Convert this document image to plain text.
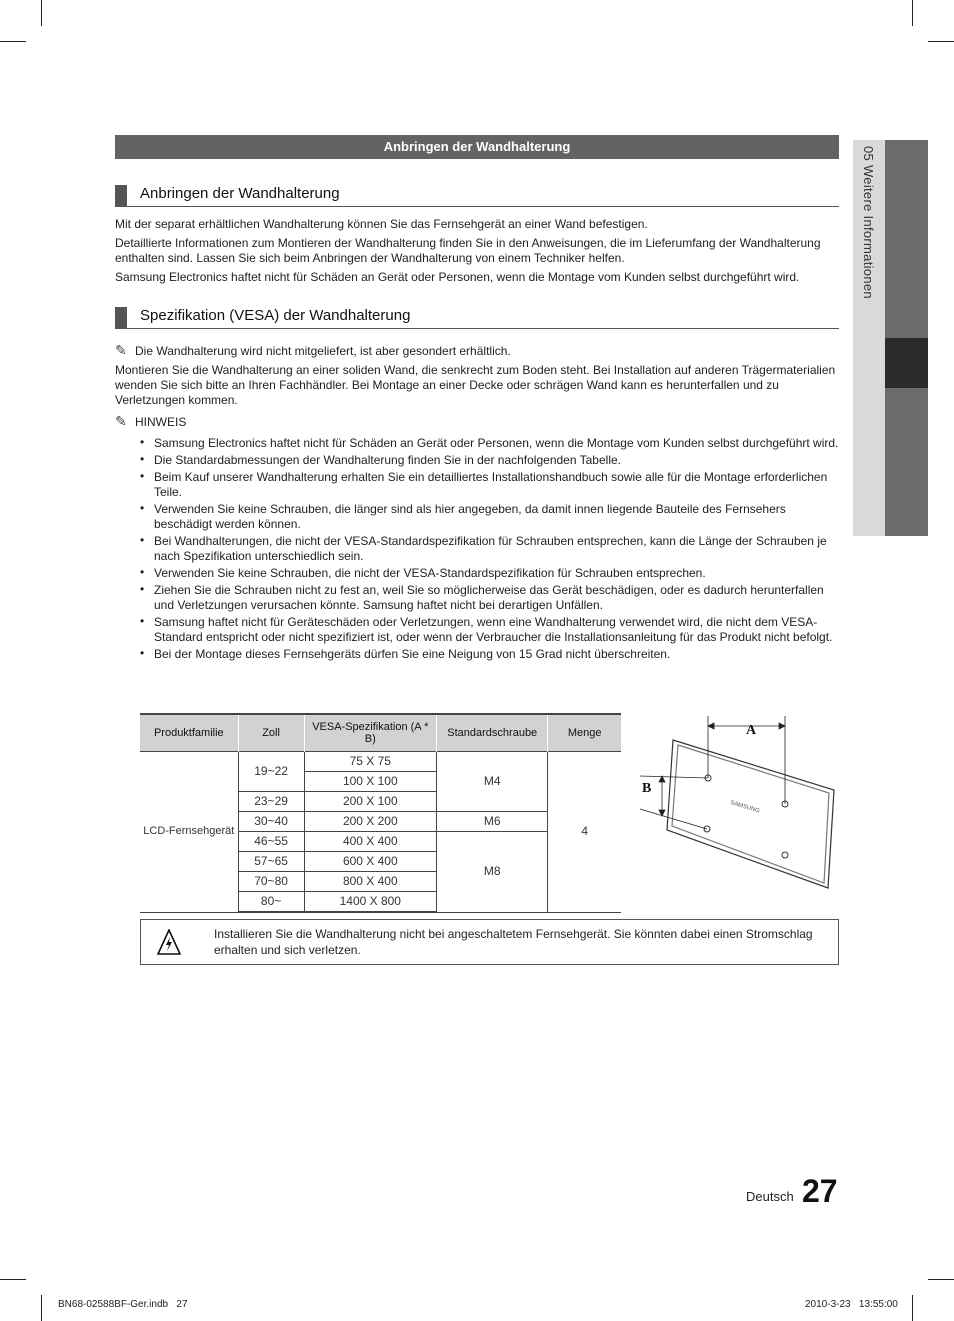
Anbringen der Wandhalterung
Anbringen der Wandhalterung

Mit der separat erhältlichen Wandhalterung können Sie das Fernsehgerät an einer Wand befestigen.

Detaillierte Informationen zum Montieren der Wandhalterung finden Sie in den Anweisungen, die im Lieferumfang der Wandhalterung enthalten sind. Lassen Sie sich beim Anbringen der Wandhalterung von einem Techniker helfen.

Samsung Electronics haftet nicht für Schäden an Gerät oder Personen, wenn die Montage vom Kunden selbst durchgeführt wird.

Spezifikation (VESA) der Wandhalterung

✎ Die Wandhalterung wird nicht mitgeliefert, ist aber gesondert erhältlich.

Montieren Sie die Wandhalterung an einer soliden Wand, die senkrecht zum Boden steht. Bei Installation auf anderen Trägermaterialien wenden Sie sich bitte an Ihren Fachhändler. Bei Montage an einer Decke oder schrägen Wand kann es herunterfallen und zu Verletzungen kommen.

✎ HINWEIS

• Samsung Electronics haftet nicht für Schäden an Gerät oder Personen, wenn die Montage vom Kunden selbst durchgeführt wird.
• Die Standardabmessungen der Wandhalterung finden Sie in der nachfolgenden Tabelle.
• Beim Kauf unserer Wandhalterung erhalten Sie ein detailliertes Installationshandbuch sowie alle für die Montage erforderlichen Teile.
• Verwenden Sie keine Schrauben, die länger sind als hier angegeben, da damit innen liegende Bauteile des Fernsehers beschädigt werden können.
• Bei Wandhalterungen, die nicht der VESA-Standardspezifikation für Schrauben entsprechen, kann die Länge der Schrauben je nach Spezifikation unterschiedlich sein.
• Verwenden Sie keine Schrauben, die nicht der VESA-Standardspezifikation für Schrauben entsprechen.
• Ziehen Sie die Schrauben nicht zu fest an, weil Sie so möglicherweise das Gerät beschädigen, oder es dadurch herunterfallen und Verletzungen verursachen könnte. Samsung haftet nicht bei derartigen Unfällen.
• Samsung haftet nicht für Geräteschäden oder Verletzungen, wenn eine Wandhalterung verwendet wird, die nicht dem VESA-Standard entspricht oder nicht spezifiziert ist, oder wenn der Verbraucher die Installationsanleitung für das Produkt nicht befolgt.
• Bei der Montage dieses Fernsehgeräts dürfen Sie eine Neigung von 15 Grad nicht überschreiten.
Produktfamilie	Zoll	VESA-Spezifikation (A * B)	Standardschraube	Menge
LCD-Fernsehgerät	19~22	75 X 75	M4	4
		100 X 100		
	23~29	200 X 100		
	30~40	200 X 200	M6	
	46~55	400 X 400	M8	
	57~65	600 X 400		
	70~80	800 X 400		
	80~	1400 X 800		
A
B
SAMSUNG
Installieren Sie die Wandhalterung nicht bei angeschaltetem Fernsehgerät. Sie könnten dabei einen Stromschlag erhalten und sich verletzen.
05 Weitere Informationen
Deutsch 27
BN68-02588BF-Ger.indb   27	2010-3-23   13:55:00
